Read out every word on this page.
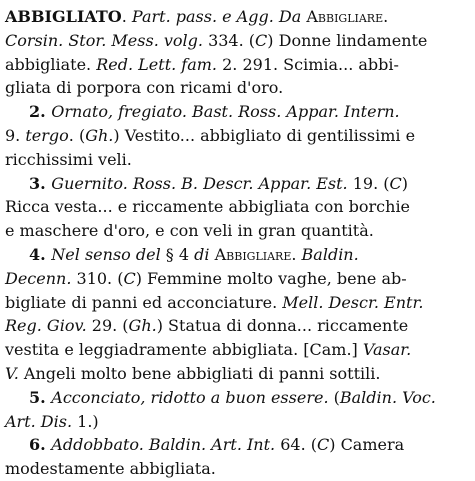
ABBIGLIATO. Part. pass. e Agg. Da Abbigliare.
Corsin. Stor. Mess. volg. 334. (C) Donne lindamente
abbigliate. Red. Lett. fam. 2. 291. Scimia... abbi-
gliata di porpora con ricami d'oro.
2. Ornato, fregiato. Bast. Ross. Appar. Intern.
9. tergo. (Gh.) Vestito... abbigliato di gentilissimi e
ricchissimi veli.
3. Guernito. Ross. B. Descr. Appar. Est. 19. (C)
Ricca vesta... e riccamente abbigliata con borchie
e maschere d'oro, e con veli in gran quantità.
4. Nel senso del § 4 di Abbigliare. Baldin.
Decenn. 310. (C) Femmine molto vaghe, bene ab-
bigliate di panni ed acconciature. Mell. Descr. Entr.
Reg. Giov. 29. (Gh.) Statua di donna... riccamente
vestita e leggiadramente abbigliata. [Cam.] Vasar.
V. Angeli molto bene abbigliati di panni sottili.
5. Acconciato, ridotto a buon essere. (Baldin. Voc.
Art. Dis. 1.)
6. Addobbato. Baldin. Art. Int. 64. (C) Camera
modestamente abbigliata.
